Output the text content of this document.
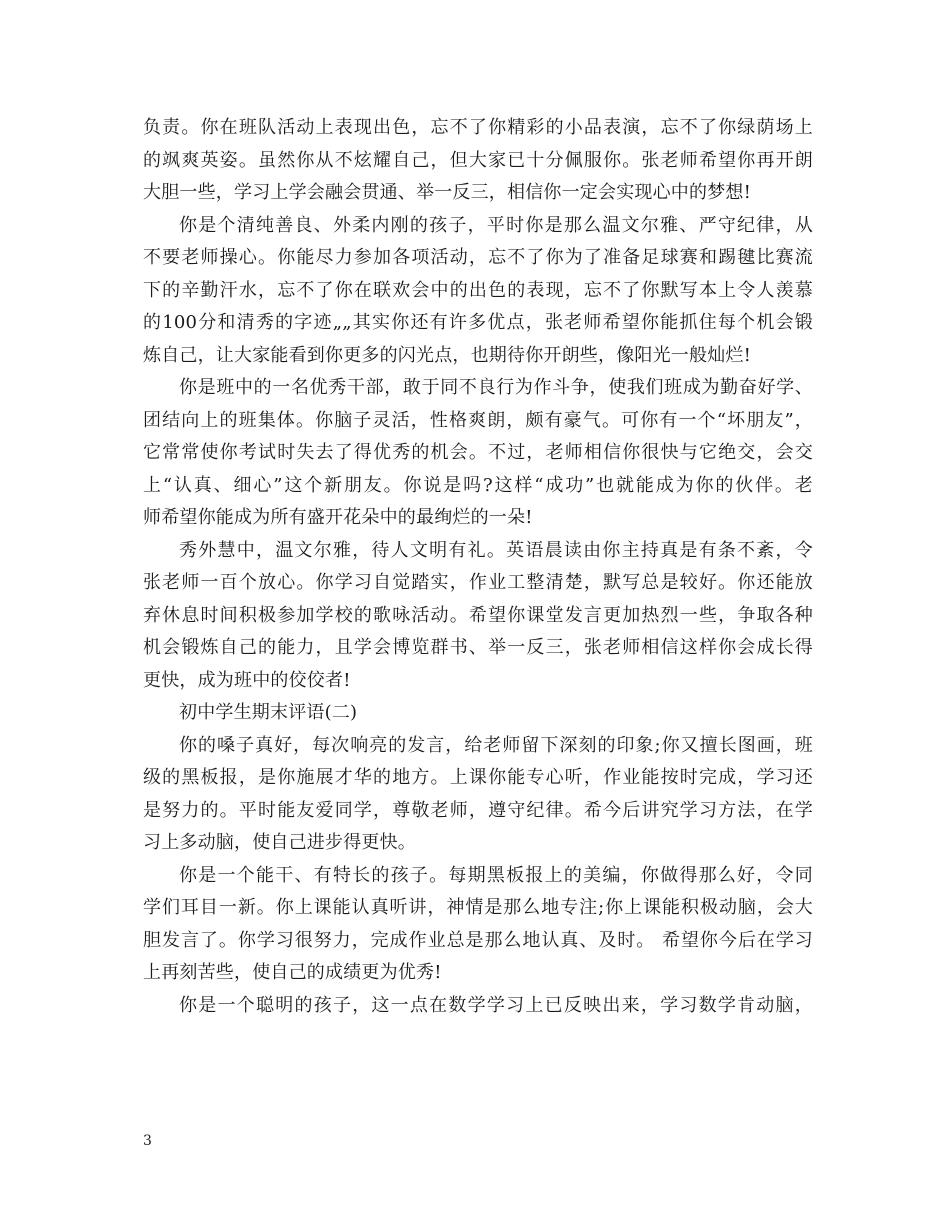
负责。你在班队活动上表现出色，忘不了你精彩的小品表演，忘不了你绿荫场上
的飒爽英姿。虽然你从不炫耀自己，但大家已十分佩服你。张老师希望你再开朗
大胆一些，学习上学会融会贯通、举一反三，相信你一定会实现心中的梦想!
你是个清纯善良、外柔内刚的孩子，平时你是那么温文尔雅、严守纪律，从
不要老师操心。你能尽力参加各项活动，忘不了你为了准备足球赛和踢毽比赛流
下的辛勤汗水，忘不了你在联欢会中的出色的表现，忘不了你默写本上令人羡慕
的100分和清秀的字迹„„其实你还有许多优点，张老师希望你能抓住每个机会锻
炼自己，让大家能看到你更多的闪光点，也期待你开朗些，像阳光一般灿烂!
你是班中的一名优秀干部，敢于同不良行为作斗争，使我们班成为勤奋好学、
团结向上的班集体。你脑子灵活，性格爽朗，颇有豪气。可你有一个“坏朋友”，
它常常使你考试时失去了得优秀的机会。不过，老师相信你很快与它绝交，会交
上“认真、细心”这个新朋友。你说是吗?这样“成功”也就能成为你的伙伴。老
师希望你能成为所有盛开花朵中的最绚烂的一朵!
秀外慧中，温文尔雅，待人文明有礼。英语晨读由你主持真是有条不紊，令
张老师一百个放心。你学习自觉踏实，作业工整清楚，默写总是较好。你还能放
弃休息时间积极参加学校的歌咏活动。希望你课堂发言更加热烈一些，争取各种
机会锻炼自己的能力，且学会博览群书、举一反三，张老师相信这样你会成长得
更快，成为班中的佼佼者!
初中学生期末评语(二)
你的嗓子真好，每次响亮的发言，给老师留下深刻的印象;你又擅长图画，班
级的黑板报，是你施展才华的地方。上课你能专心听，作业能按时完成，学习还
是努力的。平时能友爱同学，尊敬老师，遵守纪律。希今后讲究学习方法，在学
习上多动脑，使自己进步得更快。
你是一个能干、有特长的孩子。每期黑板报上的美编，你做得那么好，令同
学们耳目一新。你上课能认真听讲，神情是那么地专注;你上课能积极动脑，会大
胆发言了。你学习很努力，完成作业总是那么地认真、及时。 希望你今后在学习
上再刻苦些，使自己的成绩更为优秀!
你是一个聪明的孩子，这一点在数学学习上已反映出来，学习数学肯动脑，
3
